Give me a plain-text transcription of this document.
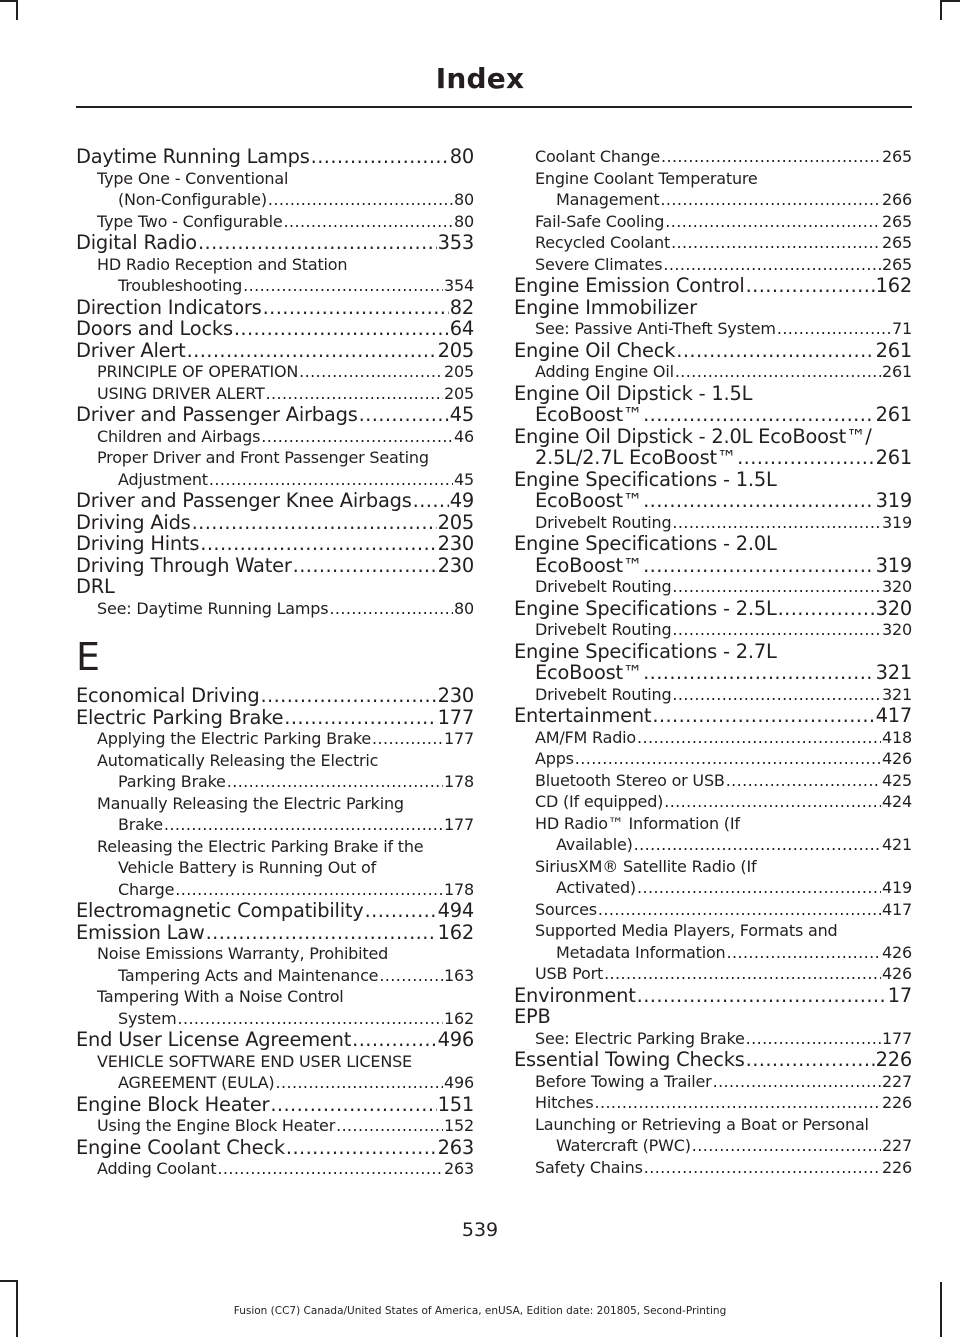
Index
Daytime Running Lamps .....	80
Type One - Conventional
(Non-Configurable) .....	80
Type Two - Configurable .....	80
Digital Radio .....	353
HD Radio Reception and Station
Troubleshooting .....	354
Direction Indicators .....	82
Doors and Locks .....	64
Driver Alert .....	205
PRINCIPLE OF OPERATION .....	205
USING DRIVER ALERT .....	205
Driver and Passenger Airbags .....	45
Children and Airbags .....	46
Proper Driver and Front Passenger Seating
Adjustment .....	45
Driver and Passenger Knee Airbags ..... 49
Driving Aids .....	205
Driving Hints .....	230
Driving Through Water .....	230
DRL
See: Daytime Running Lamps .....	80
E
Economical Driving .....	230
Electric Parking Brake .....	177
Applying the Electric Parking Brake .....	177
Automatically Releasing the Electric
Parking Brake .....	178
Manually Releasing the Electric Parking
Brake .....	177
Releasing the Electric Parking Brake if the
Vehicle Battery is Running Out of
Charge .....	178
Electromagnetic Compatibility .....	494
Emission Law .....	162
Noise Emissions Warranty, Prohibited
Tampering Acts and Maintenance .....	163
Tampering With a Noise Control
System .....	162
End User License Agreement .....	496
VEHICLE SOFTWARE END USER LICENSE
AGREEMENT (EULA) .....	496
Engine Block Heater .....	151
Using the Engine Block Heater .....	152
Engine Coolant Check .....	263
Adding Coolant .....	263
Coolant Change .....	265
Engine Coolant Temperature
Management .....	266
Fail-Safe Cooling .....	265
Recycled Coolant .....	265
Severe Climates .....	265
Engine Emission Control .....	162
Engine Immobilizer
See: Passive Anti-Theft System .....	71
Engine Oil Check .....	261
Adding Engine Oil .....	261
Engine Oil Dipstick - 1.5L
EcoBoost™ .....	261
Engine Oil Dipstick - 2.0L EcoBoost™/
2.5L/2.7L EcoBoost™ .....	261
Engine Specifications - 1.5L
EcoBoost™ .....	319
Drivebelt Routing .....	319
Engine Specifications - 2.0L
EcoBoost™ .....	319
Drivebelt Routing .....	320
Engine Specifications - 2.5L .....	320
Drivebelt Routing .....	320
Engine Specifications - 2.7L
EcoBoost™ .....	321
Drivebelt Routing .....	321
Entertainment .....	417
AM/FM Radio .....	418
Apps .....	426
Bluetooth Stereo or USB .....	425
CD (If equipped) .....	424
HD Radio™ Information (If
Available) .....	421
SiriusXM® Satellite Radio (If
Activated) .....	419
Sources .....	417
Supported Media Players, Formats and
Metadata Information .....	426
USB Port .....	426
Environment .....	17
EPB
See: Electric Parking Brake .....	177
Essential Towing Checks .....	226
Before Towing a Trailer .....	227
Hitches .....	226
Launching or Retrieving a Boat or Personal
Watercraft (PWC) .....	227
Safety Chains .....	226
539
Fusion (CC7) Canada/United States of America, enUSA, Edition date: 201805, Second-Printing
